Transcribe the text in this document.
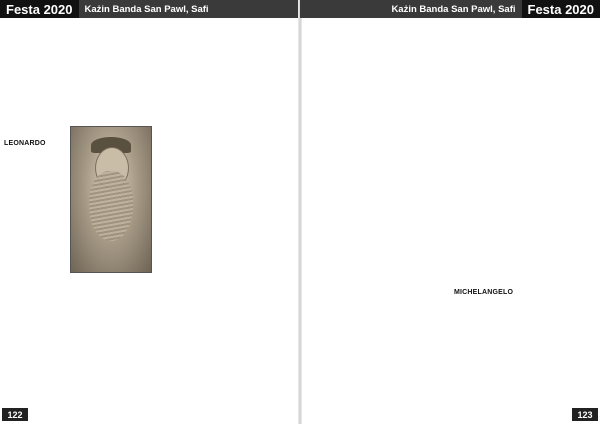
Festa 2020	Każin Banda San Pawl, Safi
LEONARDO
122
Każin Banda San Pawl, Safi Festa 2020
MICHELANGELO
123
